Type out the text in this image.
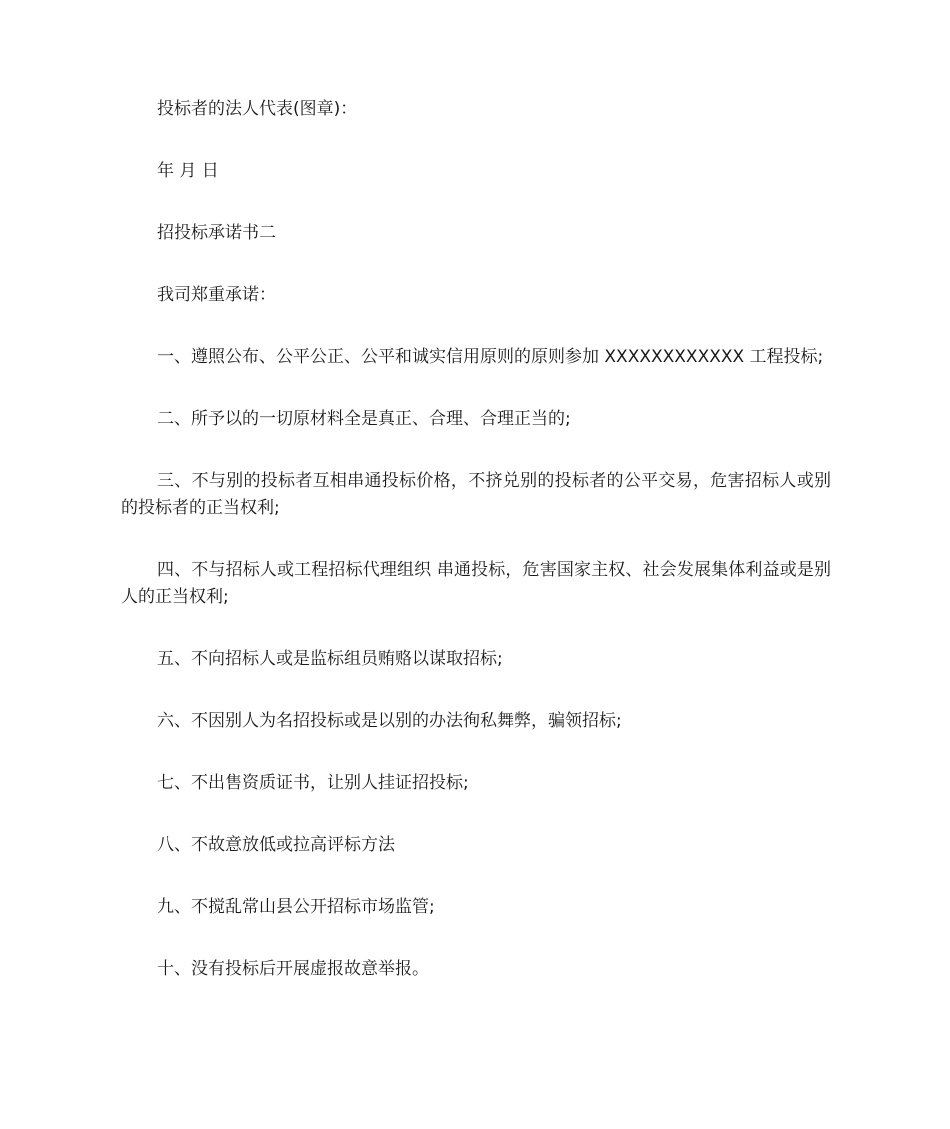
投标者的法人代表(图章)：

年 月 日

招投标承诺书二

我司郑重承诺：

一、遵照公布、公平公正、公平和诚实信用原则的原则参加 XXXXXXXXXXXX 工程投标;

二、所予以的一切原材料全是真正、合理、合理正当的;

三、不与别的投标者互相串通投标价格，不挤兑别的投标者的公平交易，危害招标人或别的投标者的正当权利;

四、不与招标人或工程招标代理组织 串通投标，危害国家主权、社会发展集体利益或是别人的正当权利;

五、不向招标人或是监标组员贿赂以谋取招标;

六、不因别人为名招投标或是以别的办法徇私舞弊，骗领招标;

七、不出售资质证书，让别人挂证招投标;

八、不故意放低或拉高评标方法

九、不搅乱常山县公开招标市场监管;

十、没有投标后开展虚报故意举报。
